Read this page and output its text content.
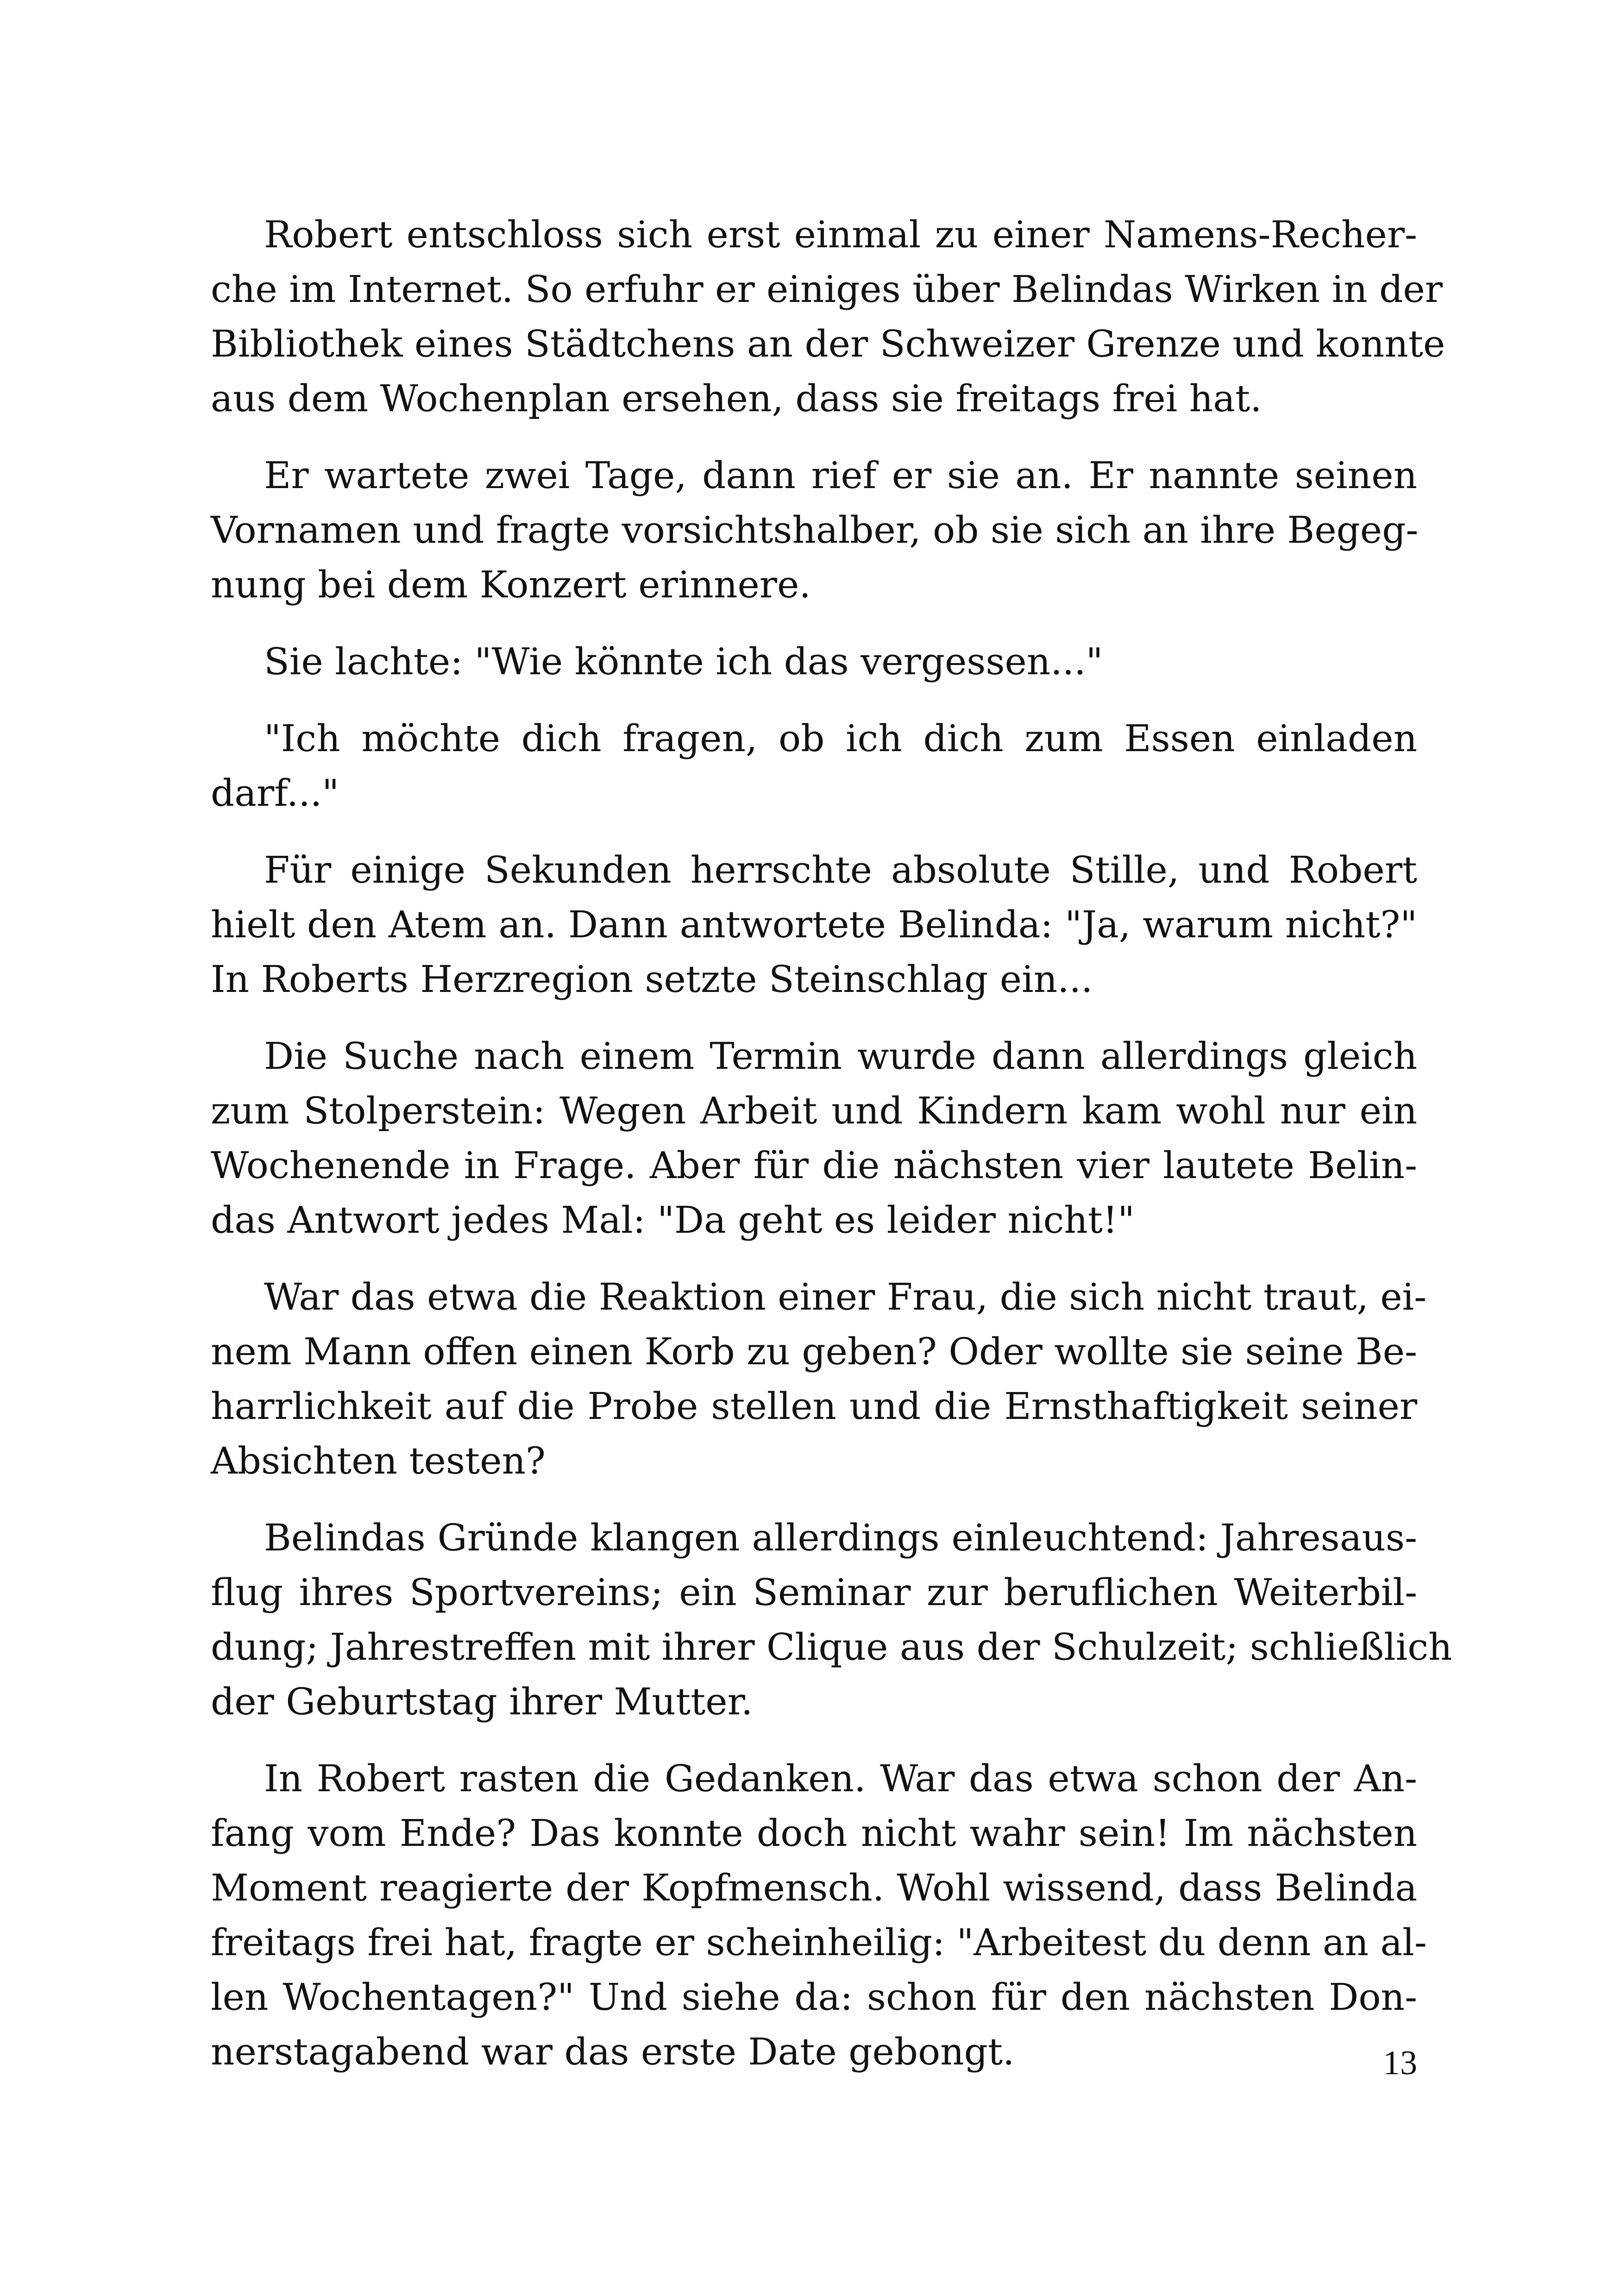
Robert entschloss sich erst einmal zu einer Namens-Recher-
che im Internet. So erfuhr er einiges über Belindas Wirken in der
Bibliothek eines Städtchens an der Schweizer Grenze und konnte
aus dem Wochenplan ersehen, dass sie freitags frei hat.

Er wartete zwei Tage, dann rief er sie an. Er nannte seinen
Vornamen und fragte vorsichtshalber, ob sie sich an ihre Begeg-
nung bei dem Konzert erinnere.

Sie lachte: "Wie könnte ich das vergessen..."

"Ich möchte dich fragen, ob ich dich zum Essen einladen
darf..."

Für einige Sekunden herrschte absolute Stille, und Robert
hielt den Atem an. Dann antwortete Belinda: "Ja, warum nicht?"
In Roberts Herzregion setzte Steinschlag ein...

Die Suche nach einem Termin wurde dann allerdings gleich
zum Stolperstein: Wegen Arbeit und Kindern kam wohl nur ein
Wochenende in Frage. Aber für die nächsten vier lautete Belin-
das Antwort jedes Mal: "Da geht es leider nicht!"

War das etwa die Reaktion einer Frau, die sich nicht traut, ei-
nem Mann offen einen Korb zu geben? Oder wollte sie seine Be-
harrlichkeit auf die Probe stellen und die Ernsthaftigkeit seiner
Absichten testen?

Belindas Gründe klangen allerdings einleuchtend: Jahresaus-
flug ihres Sportvereins; ein Seminar zur beruflichen Weiterbil-
dung; Jahrestreffen mit ihrer Clique aus der Schulzeit; schließlich
der Geburtstag ihrer Mutter.

In Robert rasten die Gedanken. War das etwa schon der An-
fang vom Ende? Das konnte doch nicht wahr sein! Im nächsten
Moment reagierte der Kopfmensch. Wohl wissend, dass Belinda
freitags frei hat, fragte er scheinheilig: "Arbeitest du denn an al-
len Wochentagen?" Und siehe da: schon für den nächsten Don-
nerstagabend war das erste Date gebongt.	13
